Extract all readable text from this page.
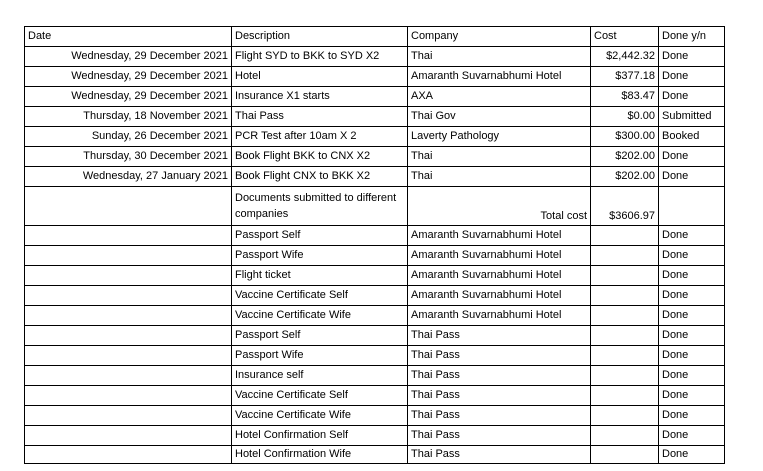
Date	Description	Company	Cost	Done y/n
Wednesday, 29 December 2021	Flight SYD to BKK to SYD X2	Thai	$2,442.32	Done
Wednesday, 29 December 2021	Hotel	Amaranth Suvarnabhumi Hotel	$377.18	Done
Wednesday, 29 December 2021	Insurance X1 starts	AXA	$83.47	Done
Thursday, 18 November 2021	Thai Pass	Thai Gov	$0.00	Submitted
Sunday, 26 December 2021	PCR Test after 10am X 2	Laverty Pathology	$300.00	Booked
Thursday, 30 December 2021	Book Flight BKK to CNX X2	Thai	$202.00	Done
Wednesday, 27 January 2021	Book Flight CNX to BKK X2	Thai	$202.00	Done
	Documents submitted to different companies	Total cost	$3606.97	
	Passport Self	Amaranth Suvarnabhumi Hotel		Done
	Passport Wife	Amaranth Suvarnabhumi Hotel		Done
	Flight ticket	Amaranth Suvarnabhumi Hotel		Done
	Vaccine Certificate Self	Amaranth Suvarnabhumi Hotel		Done
	Vaccine Certificate Wife	Amaranth Suvarnabhumi Hotel		Done
	Passport Self	Thai Pass		Done
	Passport Wife	Thai Pass		Done
	Insurance self	Thai Pass		Done
	Vaccine Certificate Self	Thai Pass		Done
	Vaccine Certificate Wife	Thai Pass		Done
	Hotel Confirmation Self	Thai Pass		Done
	Hotel Confirmation Wife	Thai Pass		Done
